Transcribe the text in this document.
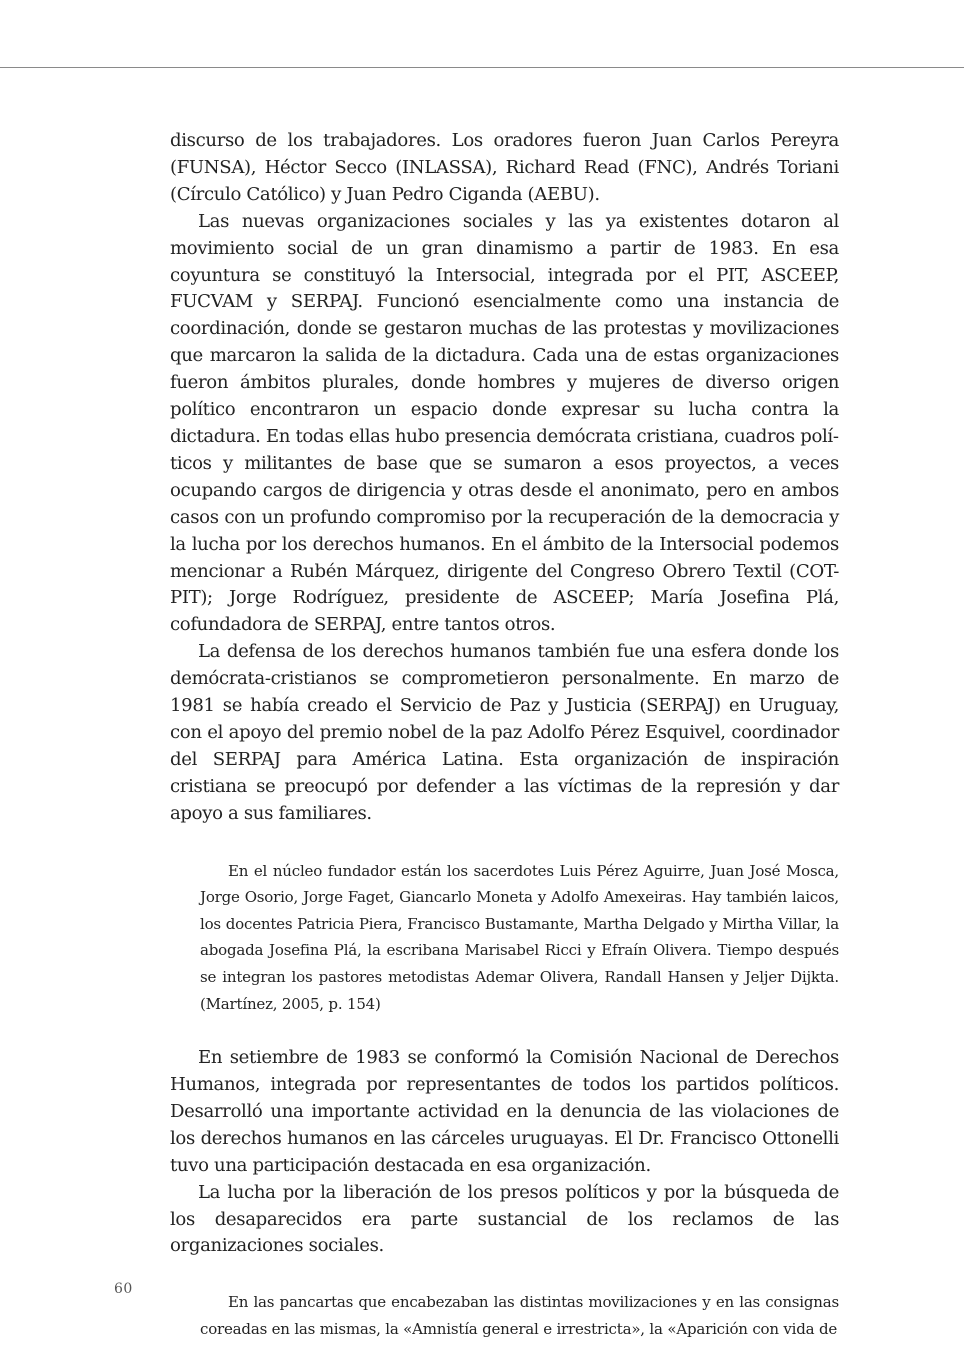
discurso de los trabajadores. Los oradores fueron Juan Carlos Pereyra (FUNSA), Héctor Secco (INLASSA), Richard Read (FNC), Andrés Toriani (Círculo Católico) y Juan Pedro Ciganda (AEBU).

Las nuevas organizaciones sociales y las ya existentes dotaron al movimiento social de un gran dinamismo a partir de 1983. En esa coyuntura se constituyó la Intersocial, integrada por el PIT, ASCEEP, FUCVAM y SERPAJ. Funcionó esencialmente como una instancia de coordinación, donde se gestaron muchas de las protestas y movilizaciones que marcaron la salida de la dictadura. Cada una de estas organizaciones fueron ámbitos plurales, donde hombres y mujeres de diverso origen político encontraron un espacio donde expresar su lucha contra la dictadura. En todas ellas hubo presencia demócrata cristiana, cuadros políticos y militantes de base que se sumaron a esos proyectos, a veces ocupando cargos de dirigencia y otras desde el anonimato, pero en ambos casos con un profundo compromiso por la recuperación de la democracia y la lucha por los derechos humanos. En el ámbito de la Intersocial podemos mencionar a Rubén Márquez, dirigente del Congreso Obrero Textil (COT-PIT); Jorge Rodríguez, presidente de ASCEEP; María Josefina Plá, cofundadora de SERPAJ, entre tantos otros.

La defensa de los derechos humanos también fue una esfera donde los demócrata-cristianos se comprometieron personalmente. En marzo de 1981 se había creado el Servicio de Paz y Justicia (SERPAJ) en Uruguay, con el apoyo del premio nobel de la paz Adolfo Pérez Esquivel, coordinador del SERPAJ para América Latina. Esta organización de inspiración cristiana se preocupó por defender a las víctimas de la represión y dar apoyo a sus familiares.

En el núcleo fundador están los sacerdotes Luis Pérez Aguirre, Juan José Mosca, Jorge Osorio, Jorge Faget, Giancarlo Moneta y Adolfo Amexeiras. Hay también laicos, los docentes Patricia Piera, Francisco Bustamante, Martha Delgado y Mirtha Villar, la abogada Josefina Plá, la escribana Marisabel Ricci y Efraín Olivera. Tiempo después se integran los pastores metodistas Ademar Olivera, Randall Hansen y Jeljer Dijkta. (Martínez, 2005, p. 154)

En setiembre de 1983 se conformó la Comisión Nacional de Derechos Humanos, integrada por representantes de todos los partidos políticos. Desarrolló una importante actividad en la denuncia de las violaciones de los derechos humanos en las cárceles uruguayas. El Dr. Francisco Ottonelli tuvo una participación destacada en esa organización.

La lucha por la liberación de los presos políticos y por la búsqueda de los desaparecidos era parte sustancial de los reclamos de las organizaciones sociales.

En las pancartas que encabezaban las distintas movilizaciones y en las consignas coreadas en las mismas, la «Amnistía general e irrestricta», la «Aparición con vida de

60
